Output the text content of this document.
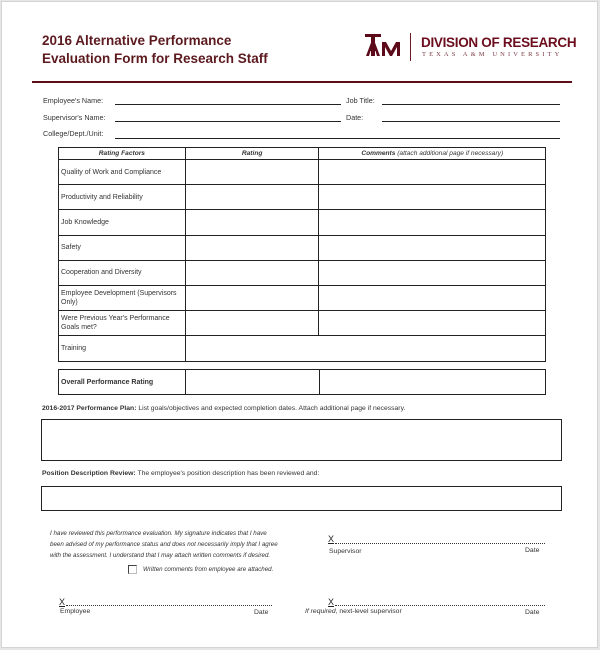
2016 Alternative Performance
Evaluation Form for Research Staff
DIVISION OF RESEARCH
TEXAS A&M UNIVERSITY
Employee's Name:	Job Title:
Supervisor's Name:	Date:
College/Dept./Unit:
Rating Factors	Rating	Comments (attach additional page if necessary)
Quality of Work and Compliance		
Productivity and Reliability		
Job Knowledge		
Safety		
Cooperation and Diversity		
Employee Development (Supervisors Only)		
Were Previous Year's Performance Goals met?		
Training		
Overall Performance Rating		
2016-2017 Performance Plan: List goals/objectives and expected completion dates. Attach additional page if necessary.
Position Description Review: The employee's position description has been reviewed and:
I have reviewed this performance evaluation. My signature indicates that I have
been advised of my performance status and does not necessarily imply that I agree
with the assessment. I understand that I may attach written comments if desired.
Written comments from employee are attached.
X
Supervisor	Date
X
Employee	Date
X
If required, next-level supervisor	Date
